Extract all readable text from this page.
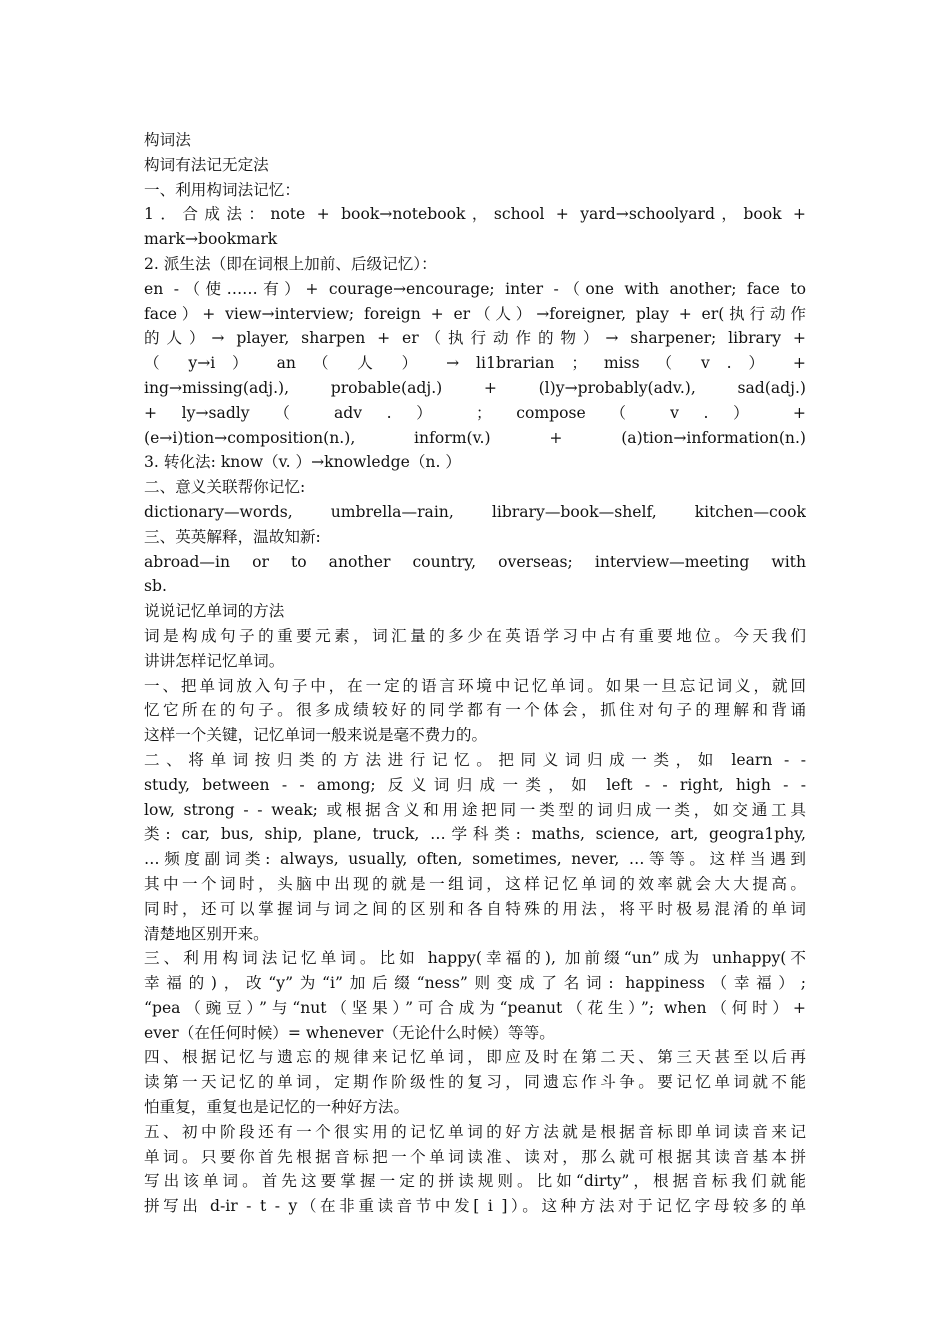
构词法
构词有法记无定法
一、利用构词法记忆：
1．合成法：note + book→notebook，school + yard→schoolyard，book +
mark→bookmark
2. 派生法（即在词根上加前、后级记忆）：
en -（使……有）+ courage→encourage; inter -（one with another; face to
face）+ view→interview; foreign + er（人）→foreigner, play + er(执行动作
的人）→ player, sharpen + er（执行动作的物）→ sharpener; library +
（ y→i ） an （ 人 ） → li1brarian ； miss （ v . ） +
ing→missing(adj.), probable(adj.) + (l)y→probably(adv.), sad(adj.)
+ ly→sadly （ adv . ） ； compose （ v . ） +
(e→i)tion→composition(n.), inform(v.) + (a)tion→information(n.)
3. 转化法: know（v. ）→knowledge（n. ）
二、意义关联帮你记忆:
dictionary—words, umbrella—rain, library—book—shelf, kitchen—cook
三、英英解释，温故知新:
abroad—in or to another country, overseas; interview—meeting with
sb.
说说记忆单词的方法
词是构成句子的重要元素，词汇量的多少在英语学习中占有重要地位。今天我们
讲讲怎样记忆单词。
一、把单词放入句子中，在一定的语言环境中记忆单词。如果一旦忘记词义，就回
忆它所在的句子。很多成绩较好的同学都有一个体会，抓住对句子的理解和背诵
这样一个关键，记忆单词一般来说是毫不费力的。
二、将单词按归类的方法进行记忆。把同义词归成一类，如 learn - -
study, between - - among; 反义词归成一类，如 left - - right, high - -
low, strong - - weak; 或根据含义和用途把同一类型的词归成一类，如交通工具
类: car, bus, ship, plane, truck, …学科类: maths, science, art, geogra1phy,
…频度副词类: always, usually, often, sometimes, never, …等等。这样当遇到
其中一个词时，头脑中出现的就是一组词，这样记忆单词的效率就会大大提高。
同时，还可以掌握词与词之间的区别和各自特殊的用法，将平时极易混淆的单词
清楚地区别开来。
三、利用构词法记忆单词。比如 happy(幸福的), 加前缀“un”成为 unhappy(不
幸福的)，改“y”为“i”加后缀“ness”则变成了名词: happiness（幸福）;
“pea（豌豆）”与“nut（坚果）”可合成为“peanut（花生）”; when（何时）+
ever（在任何时候）= whenever（无论什么时候）等等。
四、根据记忆与遗忘的规律来记忆单词，即应及时在第二天、第三天甚至以后再
读第一天记忆的单词，定期作阶级性的复习，同遗忘作斗争。要记忆单词就不能
怕重复，重复也是记忆的一种好方法。
五、初中阶段还有一个很实用的记忆单词的好方法就是根据音标即单词读音来记
单词。只要你首先根据音标把一个单词读准、读对，那么就可根据其读音基本拼
写出该单词。首先这要掌握一定的拼读规则。比如“dirty”，根据音标我们就能
拼写出 d-ir - t - y（在非重读音节中发[ i ]）。这种方法对于记忆字母较多的单
